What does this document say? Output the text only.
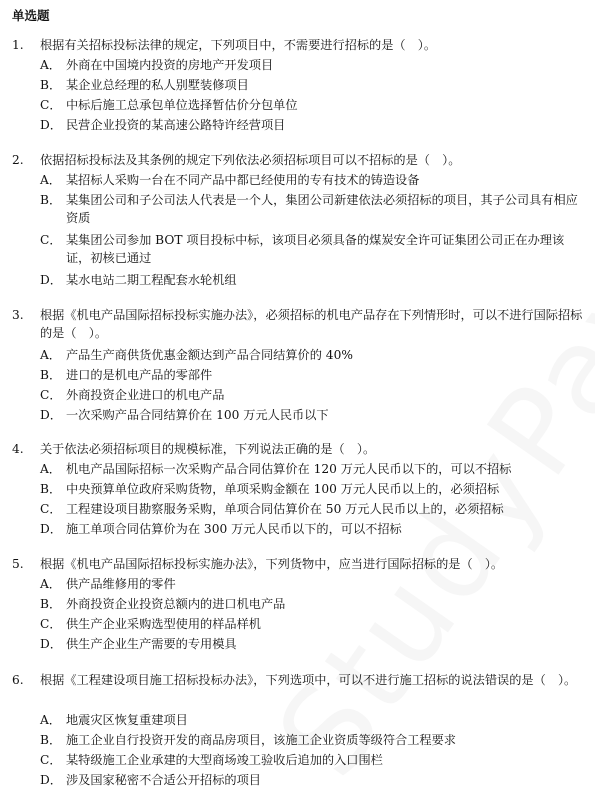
单选题
1.	根据有关招标投标法律的规定，下列项目中，不需要进行招标的是（　）。
A． 外商在中国境内投资的房地产开发项目
B． 某企业总经理的私人别墅装修项目
C． 中标后施工总承包单位选择暂估价分包单位
D． 民营企业投资的某高速公路特许经营项目
2.	依据招标投标法及其条例的规定下列依法必须招标项目可以不招标的是（　）。
A． 某招标人采购一台在不同产品中都已经使用的专有技术的铸造设备
B． 某集团公司和子公司法人代表是一个人，集团公司新建依法必须招标的项目，其子公司具有相应资质
C． 某集团公司参加 BOT 项目投标中标，该项目必须具备的煤炭安全许可证集团公司正在办理该证，初核已通过
D． 某水电站二期工程配套水轮机组
3.	根据《机电产品国际招标投标实施办法》，必须招标的机电产品存在下列情形时，可以不进行国际招标的是（　）。
A． 产品生产商供货优惠金额达到产品合同结算价的 40%
B． 进口的是机电产品的零部件
C． 外商投资企业进口的机电产品
D． 一次采购产品合同结算价在 100 万元人民币以下
4.	关于依法必须招标项目的规模标准，下列说法正确的是（　）。
A． 机电产品国际招标一次采购产品合同估算价在 120 万元人民币以下的，可以不招标
B． 中央预算单位政府采购货物，单项采购金额在 100 万元人民币以上的，必须招标
C． 工程建设项目勘察服务采购，单项合同估算价在 50 万元人民币以上的，必须招标
D． 施工单项合同估算价为在 300 万元人民币以下的，可以不招标
5.	根据《机电产品国际招标投标实施办法》，下列货物中，应当进行国际招标的是（　）。
A． 供产品维修用的零件
B． 外商投资企业投资总额内的进口机电产品
C． 供生产企业采购选型使用的样品样机
D． 供生产企业生产需要的专用模具
6.	根据《工程建设项目施工招标投标办法》，下列选项中，可以不进行施工招标的说法错误的是（　）。
A． 地震灾区恢复重建项目
B． 施工企业自行投资开发的商品房项目，该施工企业资质等级符合工程要求
C． 某特级施工企业承建的大型商场竣工验收后追加的入口围栏
D． 涉及国家秘密不合适公开招标的项目
